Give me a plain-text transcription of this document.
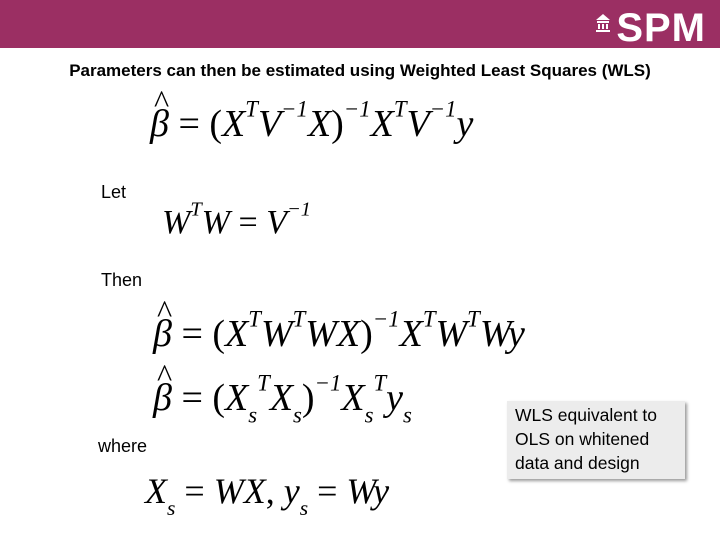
SPM
Parameters can then be estimated using Weighted Least Squares (WLS)
^ $\beta = (X^TV^{-1}X)^{-1}X^TV^{-1}y$
Let
$W^TW = V^{-1}$
Then
^ $\beta = (X^TW^TWX)^{-1}X^TW^TWy$
^ $\beta = (X_s^TX_s)^{-1}X_s^Ty_s$
where
$X_s$ = WX, $y_s = Wy$
WLS equivalent to OLS on whitened data and design
